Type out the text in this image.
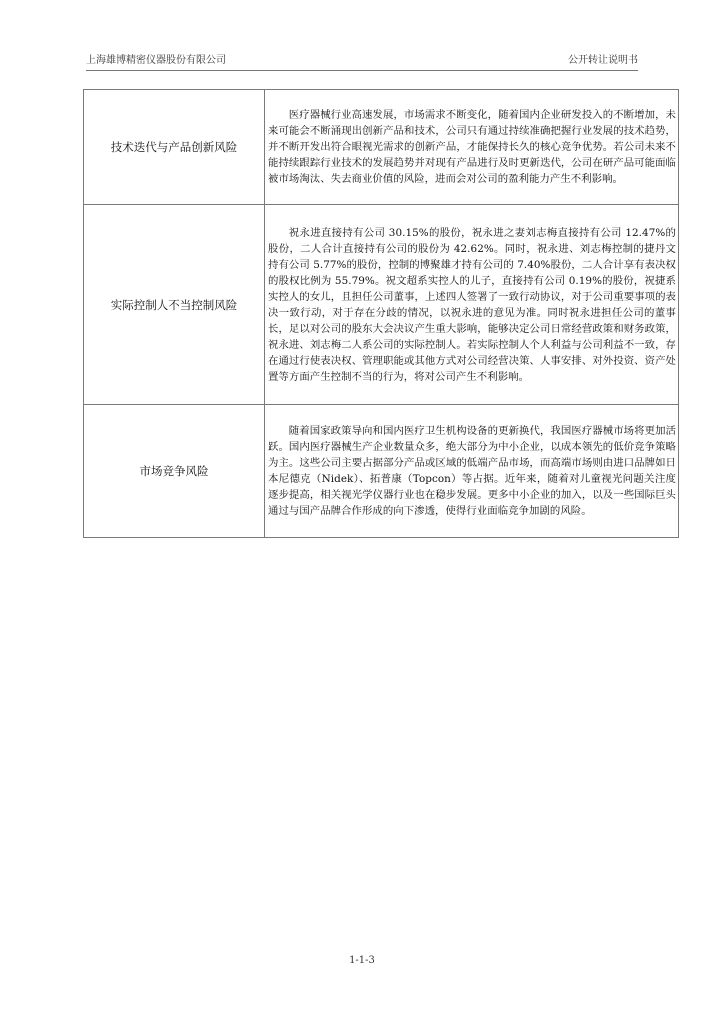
上海雄博精密仪器股份有限公司	公开转让说明书
技术迭代与产品创新风险	医疗器械行业高速发展，市场需求不断变化，随着国内企业研发投入的不断增加，未来可能会不断涌现出创新产品和技术，公司只有通过持续准确把握行业发展的技术趋势，并不断开发出符合眼视光需求的创新产品，才能保持长久的核心竞争优势。若公司未来不能持续跟踪行业技术的发展趋势并对现有产品进行及时更新迭代，公司在研产品可能面临被市场淘汰、失去商业价值的风险，进而会对公司的盈利能力产生不利影响。
实际控制人不当控制风险	祝永进直接持有公司 30.15%的股份，祝永进之妻刘志梅直接持有公司 12.47%的股份，二人合计直接持有公司的股份为 42.62%。同时，祝永进、刘志梅控制的捷丹文持有公司 5.77%的股份，控制的博聚雄才持有公司的 7.40%股份，二人合计享有表决权的股权比例为 55.79%。祝文超系实控人的儿子，直接持有公司 0.19%的股份，祝捷系实控人的女儿，且担任公司董事，上述四人签署了一致行动协议，对于公司重要事项的表决一致行动，对于存在分歧的情况，以祝永进的意见为准。同时祝永进担任公司的董事长，足以对公司的股东大会决议产生重大影响，能够决定公司日常经营政策和财务政策，祝永进、刘志梅二人系公司的实际控制人。若实际控制人个人利益与公司利益不一致，存在通过行使表决权、管理职能或其他方式对公司经营决策、人事安排、对外投资、资产处置等方面产生控制不当的行为，将对公司产生不利影响。
市场竞争风险	随着国家政策导向和国内医疗卫生机构设备的更新换代，我国医疗器械市场将更加活跃。国内医疗器械生产企业数量众多，绝大部分为中小企业，以成本领先的低价竞争策略为主。这些公司主要占据部分产品或区域的低端产品市场，而高端市场则由进口品牌如日本尼德克（Nidek）、拓普康（Topcon）等占据。近年来，随着对儿童视光问题关注度逐步提高，相关视光学仪器行业也在稳步发展。更多中小企业的加入，以及一些国际巨头通过与国产品牌合作形成的向下渗透，使得行业面临竞争加剧的风险。
1-1-3
